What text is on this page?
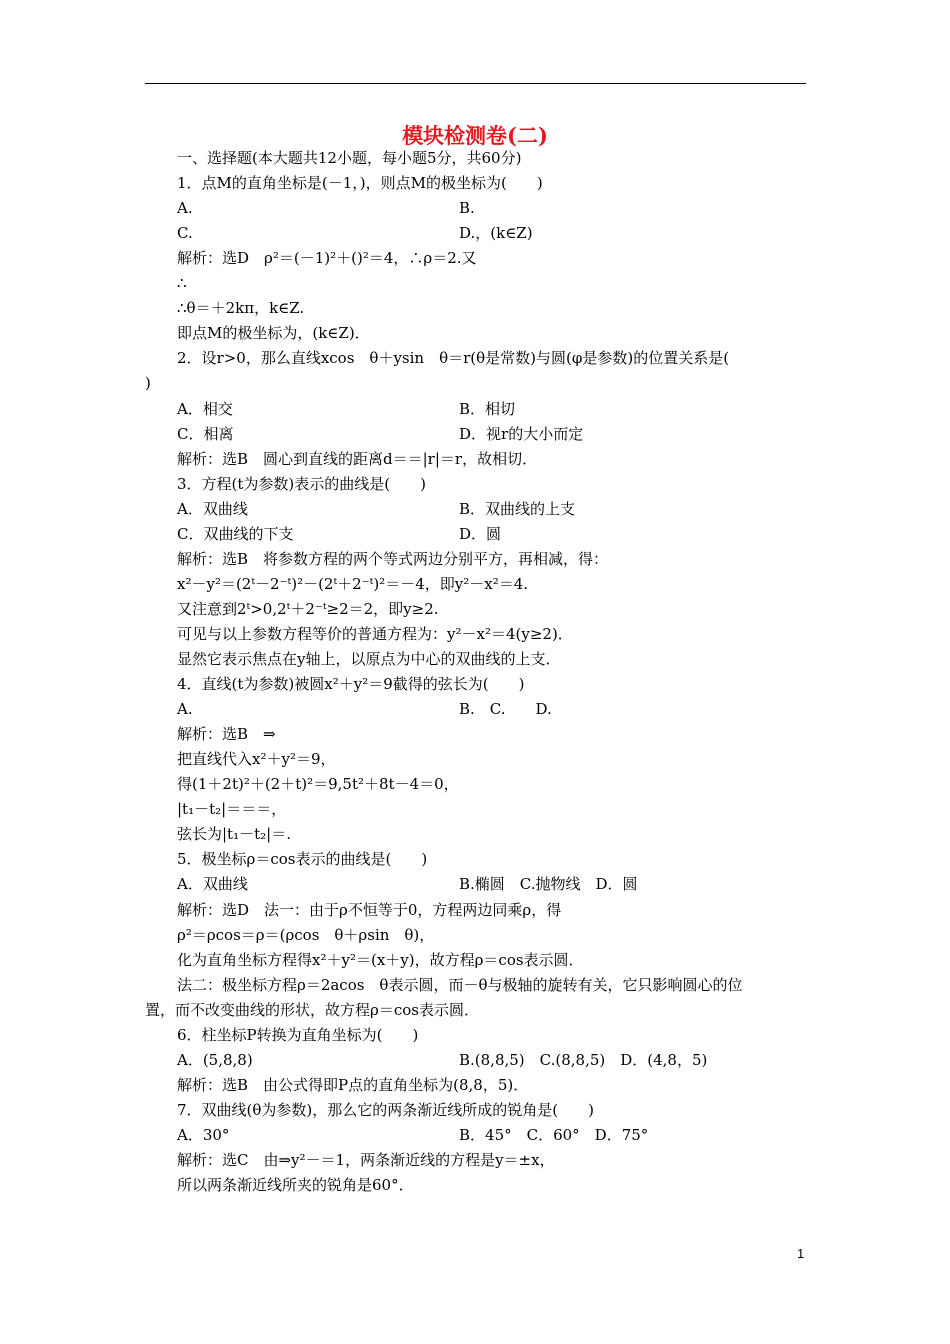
模块检测卷(二)
一、选择题(本大题共12小题，每小题5分，共60分)
1．点M的直角坐标是(－1，)，则点M的极坐标为(　　)
A.	B.
C.	D.，(k∈Z)
解析：选D　ρ²＝(－1)²＋()²＝4，∴ρ＝2.又
∴
∴θ＝＋2kπ，k∈Z.
即点M的极坐标为，(k∈Z)．
2．设r>0，那么直线xcos　θ＋ysin　θ＝r(θ是常数)与圆(φ是参数)的位置关系是(
)
A．相交	B．相切
C．相离	D．视r的大小而定
解析：选B　圆心到直线的距离d＝＝|r|＝r，故相切．
3．方程(t为参数)表示的曲线是(　　)
A．双曲线	B．双曲线的上支
C．双曲线的下支	D．圆
解析：选B　将参数方程的两个等式两边分别平方，再相减，得：
x²－y²＝(2ᵗ－2⁻ᵗ)²－(2ᵗ＋2⁻ᵗ)²＝－4，即y²－x²＝4.
又注意到2ᵗ>0,2ᵗ＋2⁻ᵗ≥2＝2，即y≥2.
可见与以上参数方程等价的普通方程为：y²－x²＝4(y≥2)．
显然它表示焦点在y轴上，以原点为中心的双曲线的上支．
4．直线(t为参数)被圆x²＋y²＝9截得的弦长为(　　)
A.	B.　C.　　D.
解析：选B　⇒
把直线代入x²＋y²＝9，
得(1＋2t)²＋(2＋t)²＝9,5t²＋8t－4＝0，
|t₁－t₂|＝＝＝，
弦长为|t₁－t₂|＝.
5．极坐标ρ＝cos表示的曲线是(　　)
A．双曲线	B.椭圆　C.抛物线　D．圆
解析：选D　法一：由于ρ不恒等于0，方程两边同乘ρ，得
ρ²＝ρcos＝ρ＝(ρcos　θ＋ρsin　θ)，
化为直角坐标方程得x²＋y²＝(x＋y)，故方程ρ＝cos表示圆．
法二：极坐标方程ρ＝2acos　θ表示圆，而－θ与极轴的旋转有关，它只影响圆心的位
置，而不改变曲线的形状，故方程ρ＝cos表示圆．
6．柱坐标P转换为直角坐标为(　　)
A．(5,8,8)	B.(8,8,5)　C.(8,8,5)　D．(4,8，5)
解析：选B　由公式得即P点的直角坐标为(8,8，5)．
7．双曲线(θ为参数)，那么它的两条渐近线所成的锐角是(　　)
A．30°	B．45°　C．60°　D．75°
解析：选C　由⇒y²－＝1，两条渐近线的方程是y＝±x，
所以两条渐近线所夹的锐角是60°．
1
